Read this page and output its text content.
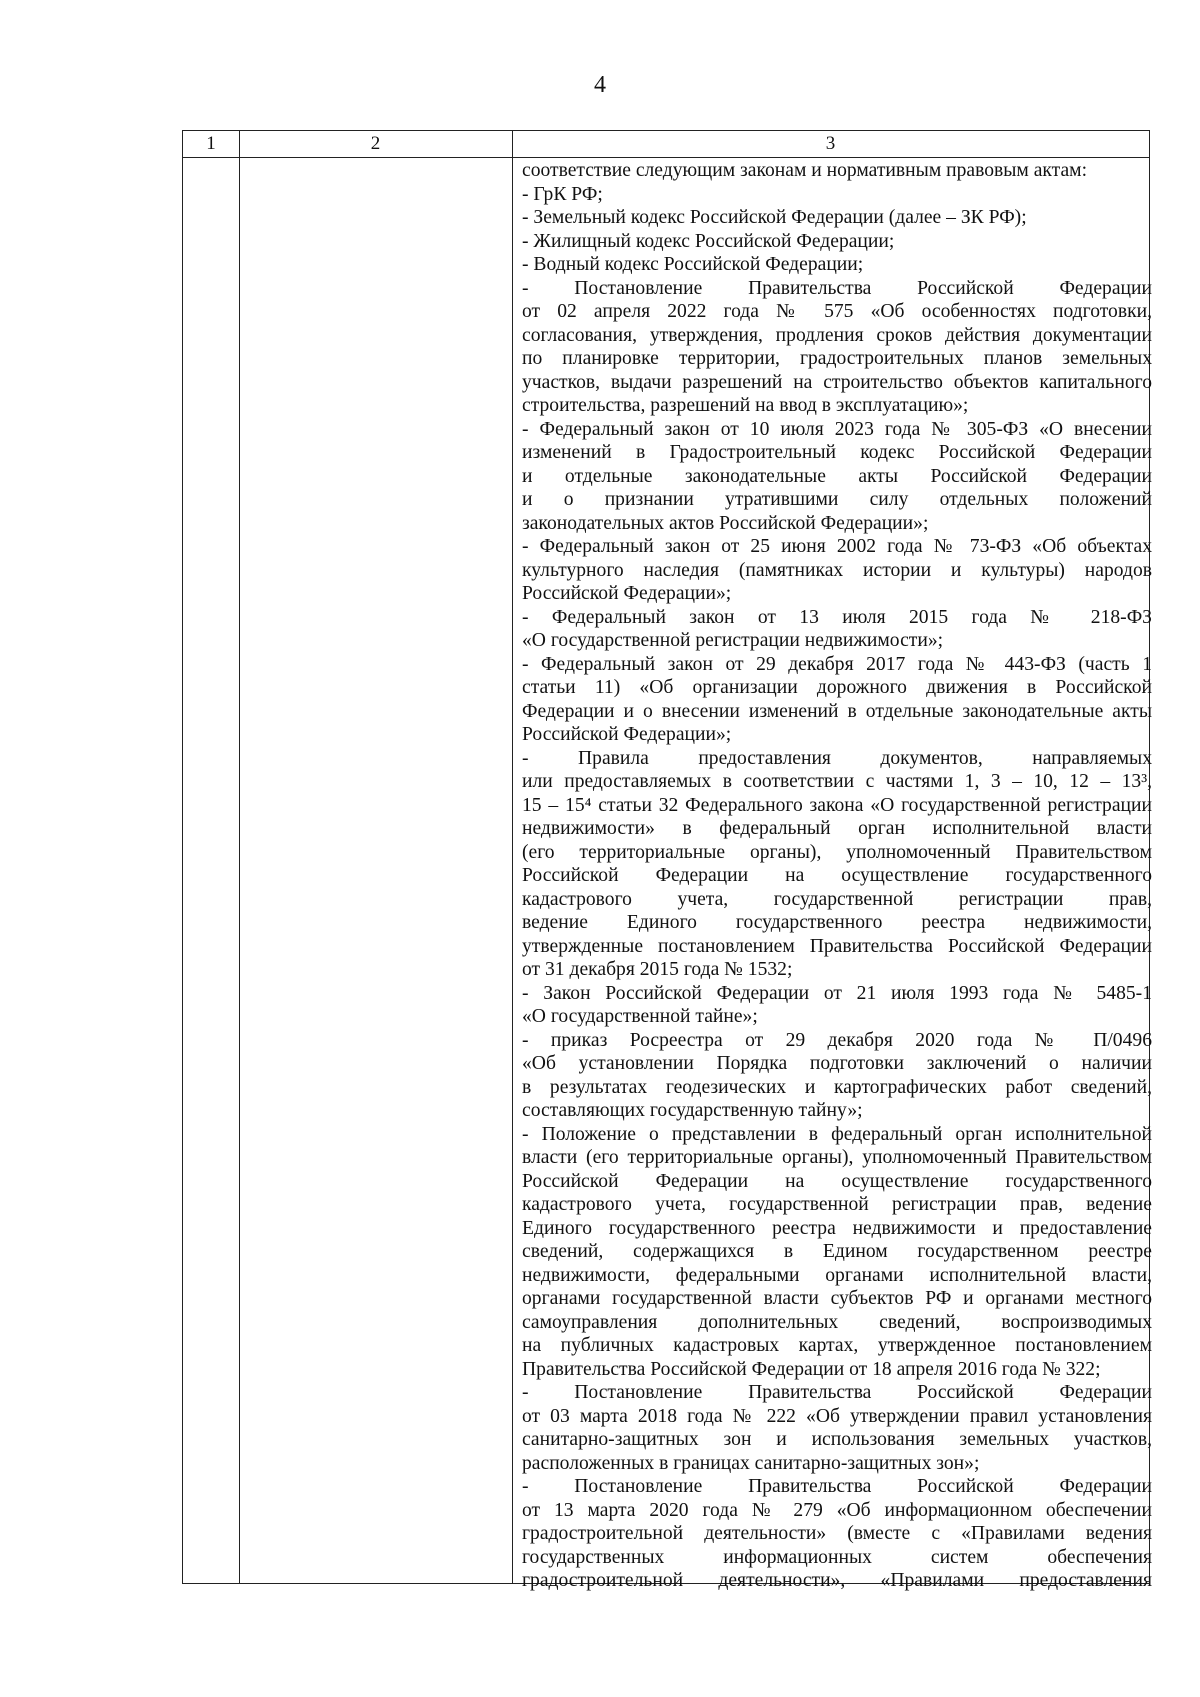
4
1	2	3
соответствие следующим законам и нормативным правовым актам:
- ГрК РФ;
- Земельный кодекс Российской Федерации (далее – ЗК РФ);
- Жилищный кодекс Российской Федерации;
- Водный кодекс Российской Федерации;
- Постановление Правительства Российской Федерации
от 02 апреля 2022 года № 575 «Об особенностях подготовки,
согласования, утверждения, продления сроков действия документации
по планировке территории, градостроительных планов земельных
участков, выдачи разрешений на строительство объектов капитального
строительства, разрешений на ввод в эксплуатацию»;
- Федеральный закон от 10 июля 2023 года № 305-ФЗ «О внесении
изменений в Градостроительный кодекс Российской Федерации
и отдельные законодательные акты Российской Федерации
и о признании утратившими силу отдельных положений
законодательных актов Российской Федерации»;
- Федеральный закон от 25 июня 2002 года № 73-ФЗ «Об объектах
культурного наследия (памятниках истории и культуры) народов
Российской Федерации»;
- Федеральный закон от 13 июля 2015 года № 218-ФЗ
«О государственной регистрации недвижимости»;
- Федеральный закон от 29 декабря 2017 года № 443-ФЗ (часть 1
статьи 11) «Об организации дорожного движения в Российской
Федерации и о внесении изменений в отдельные законодательные акты
Российской Федерации»;
- Правила предоставления документов, направляемых
или предоставляемых в соответствии с частями 1, 3 – 10, 12 – 13³,
15 – 15⁴ статьи 32 Федерального закона «О государственной регистрации
недвижимости» в федеральный орган исполнительной власти
(его территориальные органы), уполномоченный Правительством
Российской Федерации на осуществление государственного
кадастрового учета, государственной регистрации прав,
ведение Единого государственного реестра недвижимости,
утвержденные постановлением Правительства Российской Федерации
от 31 декабря 2015 года № 1532;
- Закон Российской Федерации от 21 июля 1993 года № 5485-1
«О государственной тайне»;
- приказ Росреестра от 29 декабря 2020 года № П/0496
«Об установлении Порядка подготовки заключений о наличии
в результатах геодезических и картографических работ сведений,
составляющих государственную тайну»;
- Положение о представлении в федеральный орган исполнительной
власти (его территориальные органы), уполномоченный Правительством
Российской Федерации на осуществление государственного
кадастрового учета, государственной регистрации прав, ведение
Единого государственного реестра недвижимости и предоставление
сведений, содержащихся в Едином государственном реестре
недвижимости, федеральными органами исполнительной власти,
органами государственной власти субъектов РФ и органами местного
самоуправления дополнительных сведений, воспроизводимых
на публичных кадастровых картах, утвержденное постановлением
Правительства Российской Федерации от 18 апреля 2016 года № 322;
- Постановление Правительства Российской Федерации
от 03 марта 2018 года № 222 «Об утверждении правил установления
санитарно-защитных зон и использования земельных участков,
расположенных в границах санитарно-защитных зон»;
- Постановление Правительства Российской Федерации
от 13 марта 2020 года № 279 «Об информационном обеспечении
градостроительной деятельности» (вместе с «Правилами ведения
государственных информационных систем обеспечения
градостроительной деятельности», «Правилами предоставления
